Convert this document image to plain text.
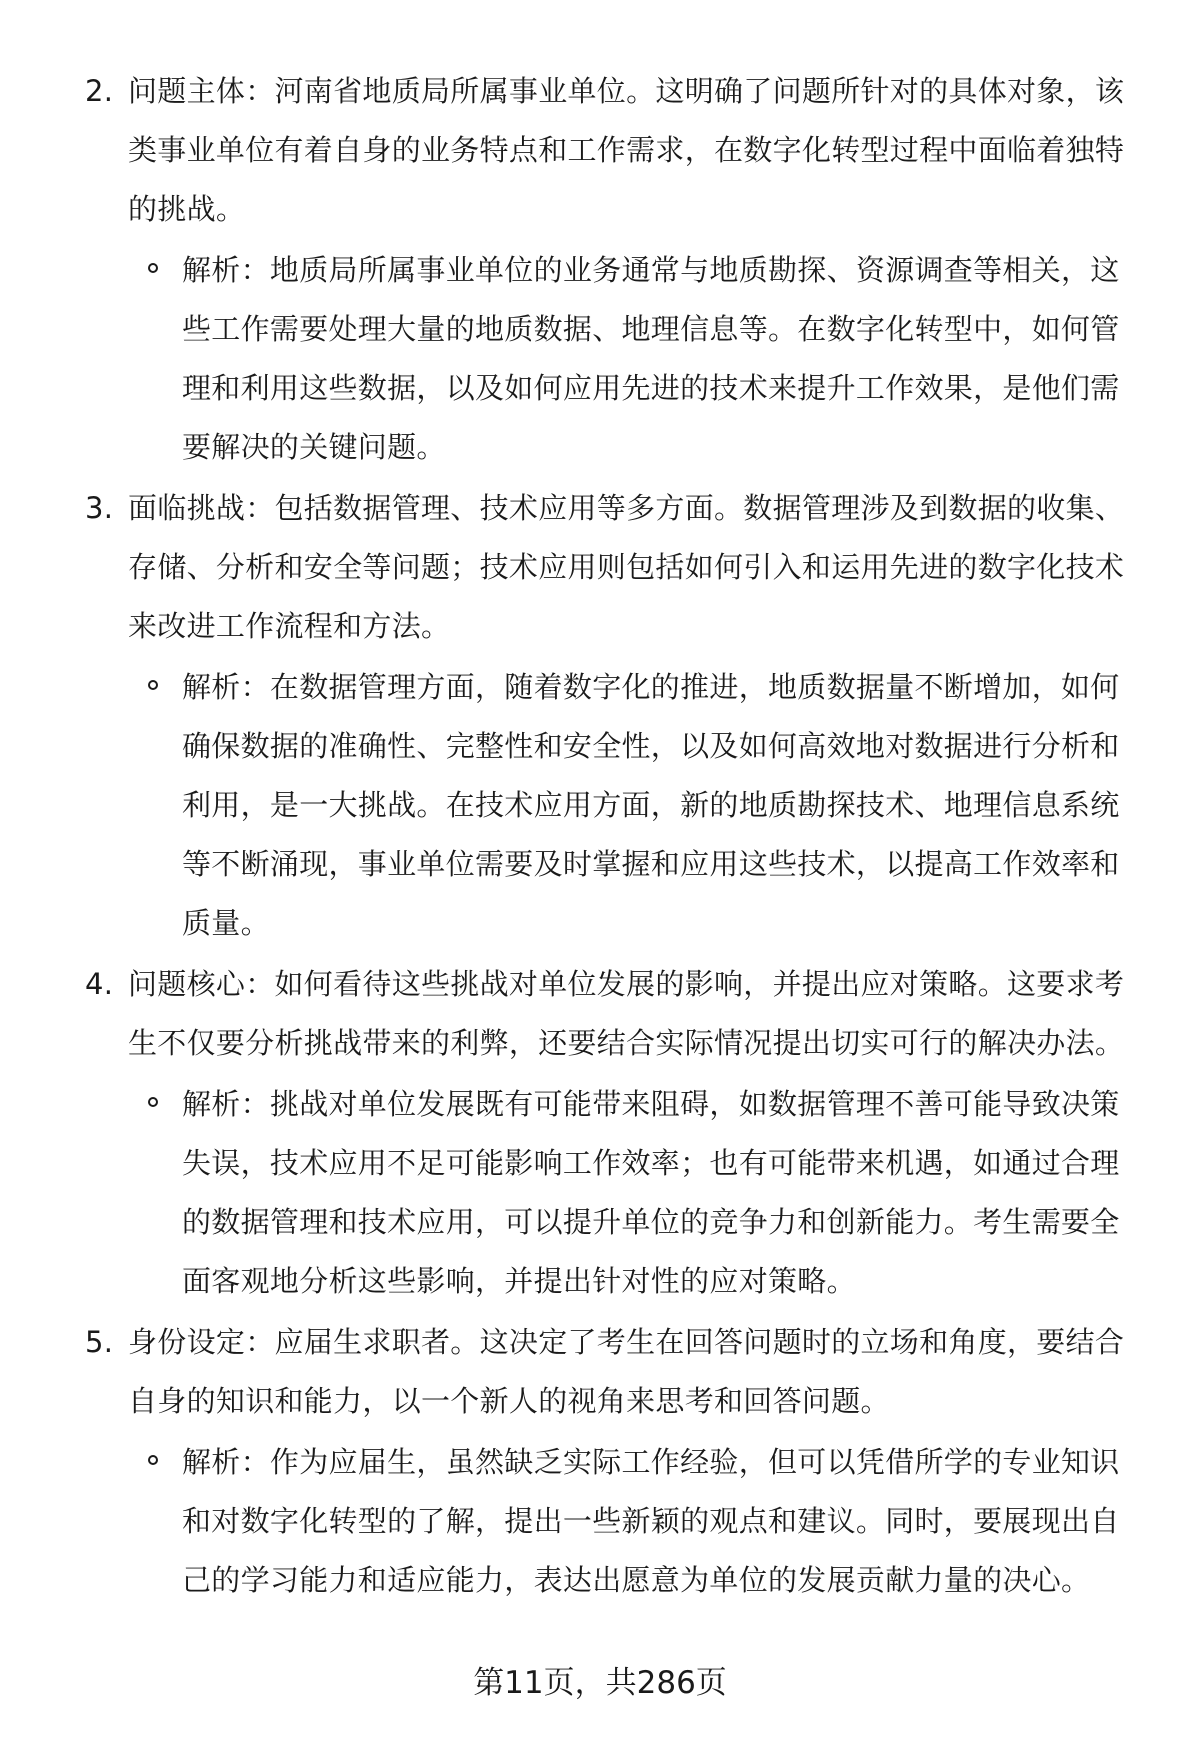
2. 问题主体：河南省地质局所属事业单位。这明确了问题所针对的具体对象，该类事业单位有着自身的业务特点和工作需求，在数字化转型过程中面临着独特的挑战。
解析：地质局所属事业单位的业务通常与地质勘探、资源调查等相关，这些工作需要处理大量的地质数据、地理信息等。在数字化转型中，如何管理和利用这些数据，以及如何应用先进的技术来提升工作效果，是他们需要解决的关键问题。
3. 面临挑战：包括数据管理、技术应用等多方面。数据管理涉及到数据的收集、存储、分析和安全等问题；技术应用则包括如何引入和运用先进的数字化技术来改进工作流程和方法。
解析：在数据管理方面，随着数字化的推进，地质数据量不断增加，如何确保数据的准确性、完整性和安全性，以及如何高效地对数据进行分析和利用，是一大挑战。在技术应用方面，新的地质勘探技术、地理信息系统等不断涌现，事业单位需要及时掌握和应用这些技术，以提高工作效率和质量。
4. 问题核心：如何看待这些挑战对单位发展的影响，并提出应对策略。这要求考生不仅要分析挑战带来的利弊，还要结合实际情况提出切实可行的解决办法。
解析：挑战对单位发展既有可能带来阻碍，如数据管理不善可能导致决策失误，技术应用不足可能影响工作效率；也有可能带来机遇，如通过合理的数据管理和技术应用，可以提升单位的竞争力和创新能力。考生需要全面客观地分析这些影响，并提出针对性的应对策略。
5. 身份设定：应届生求职者。这决定了考生在回答问题时的立场和角度，要结合自身的知识和能力，以一个新人的视角来思考和回答问题。
解析：作为应届生，虽然缺乏实际工作经验，但可以凭借所学的专业知识和对数字化转型的了解，提出一些新颖的观点和建议。同时，要展现出自己的学习能力和适应能力，表达出愿意为单位的发展贡献力量的决心。
第11页，共286页
